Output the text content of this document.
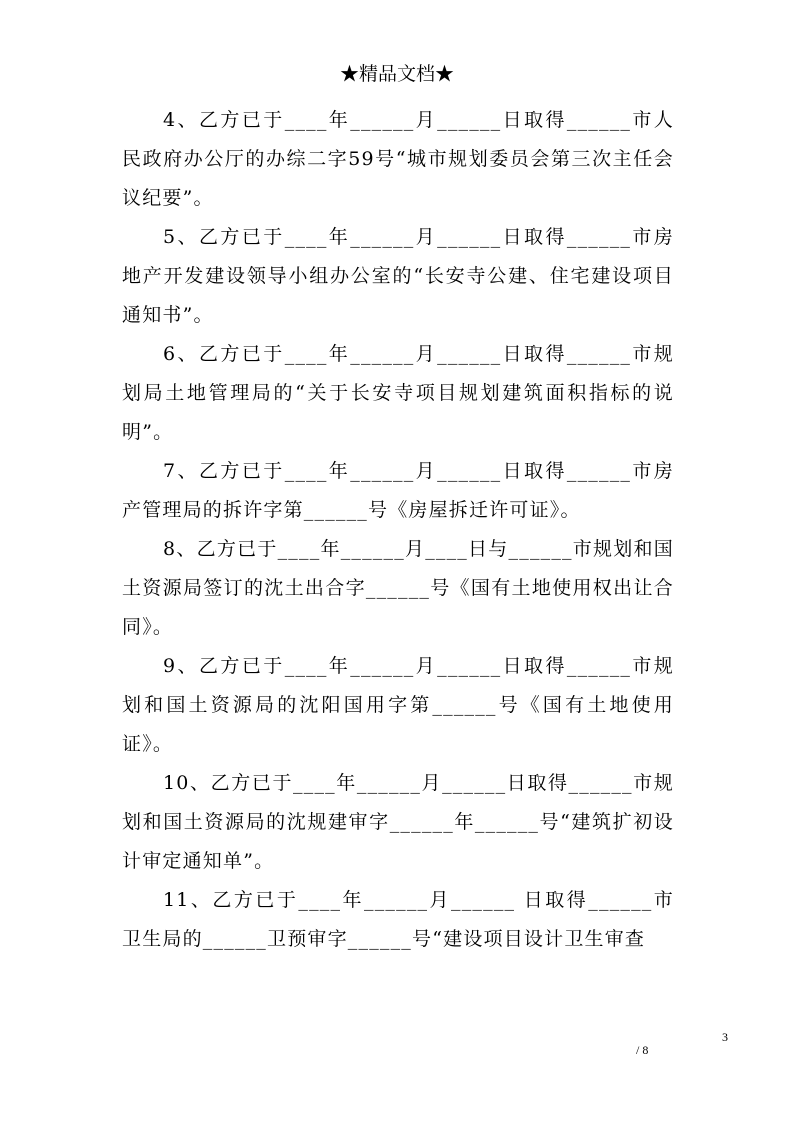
★精品文档★

4、乙方已于____年______月______日取得______市人民政府办公厅的办综二字59号“城市规划委员会第三次主任会议纪要”。

5、乙方已于____年______月______日取得______市房地产开发建设领导小组办公室的“长安寺公建、住宅建设项目通知书”。

6、乙方已于____年______月______日取得______市规划局土地管理局的“关于长安寺项目规划建筑面积指标的说明”。

7、乙方已于____年______月______日取得______市房产管理局的拆许字第______号《房屋拆迁许可证》。

8、乙方已于____年______月____日与______市规划和国土资源局签订的沈土出合字______号《国有土地使用权出让合同》。

9、乙方已于____年______月______日取得______市规划和国土资源局的沈阳国用字第______号《国有土地使用证》。

10、乙方已于____年______月______日取得______市规划和国土资源局的沈规建审字______年______号“建筑扩初设计审定通知单”。

11、乙方已于____年______月______ 日取得______市卫生局的______卫预审字______号“建设项目设计卫生审查

3
/ 8
